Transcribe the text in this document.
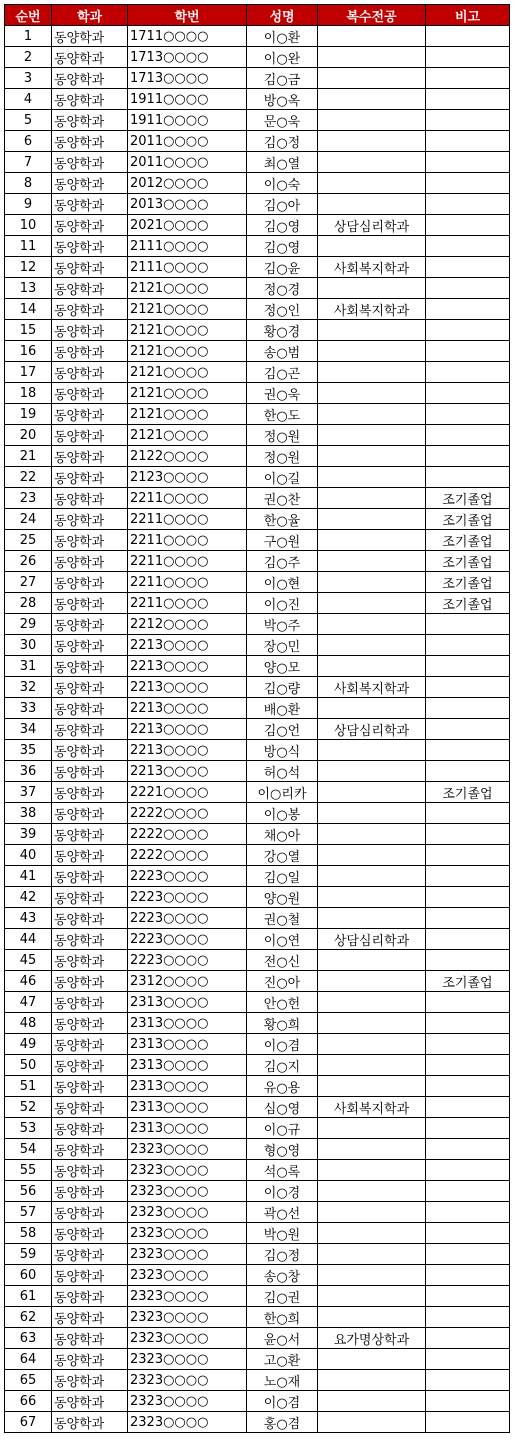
순번	학과	학번	성명	복수전공	비고
1	동양학과	1711○○○○	이○환		
2	동양학과	1713○○○○	이○완		
3	동양학과	1713○○○○	김○금		
4	동양학과	1911○○○○	방○옥		
5	동양학과	1911○○○○	문○욱		
6	동양학과	2011○○○○	김○정		
7	동양학과	2011○○○○	최○열		
8	동양학과	2012○○○○	이○숙		
9	동양학과	2013○○○○	김○아		
10	동양학과	2021○○○○	김○영	상담심리학과	
11	동양학과	2111○○○○	김○영		
12	동양학과	2111○○○○	김○윤	사회복지학과	
13	동양학과	2121○○○○	정○경		
14	동양학과	2121○○○○	정○인	사회복지학과	
15	동양학과	2121○○○○	황○경		
16	동양학과	2121○○○○	송○범		
17	동양학과	2121○○○○	김○곤		
18	동양학과	2121○○○○	권○욱		
19	동양학과	2121○○○○	한○도		
20	동양학과	2121○○○○	정○원		
21	동양학과	2122○○○○	정○원		
22	동양학과	2123○○○○	이○길		
23	동양학과	2211○○○○	권○찬		조기졸업
24	동양학과	2211○○○○	한○율		조기졸업
25	동양학과	2211○○○○	구○원		조기졸업
26	동양학과	2211○○○○	김○주		조기졸업
27	동양학과	2211○○○○	이○현		조기졸업
28	동양학과	2211○○○○	이○진		조기졸업
29	동양학과	2212○○○○	박○주		
30	동양학과	2213○○○○	장○민		
31	동양학과	2213○○○○	양○모		
32	동양학과	2213○○○○	김○량	사회복지학과	
33	동양학과	2213○○○○	배○환		
34	동양학과	2213○○○○	김○언	상담심리학과	
35	동양학과	2213○○○○	방○식		
36	동양학과	2213○○○○	허○석		
37	동양학과	2221○○○○	이○리카		조기졸업
38	동양학과	2222○○○○	이○봉		
39	동양학과	2222○○○○	채○아		
40	동양학과	2222○○○○	강○열		
41	동양학과	2223○○○○	김○일		
42	동양학과	2223○○○○	양○원		
43	동양학과	2223○○○○	권○철		
44	동양학과	2223○○○○	이○연	상담심리학과	
45	동양학과	2223○○○○	전○신		
46	동양학과	2312○○○○	진○아		조기졸업
47	동양학과	2313○○○○	안○헌		
48	동양학과	2313○○○○	황○희		
49	동양학과	2313○○○○	이○겸		
50	동양학과	2313○○○○	김○지		
51	동양학과	2313○○○○	유○용		
52	동양학과	2313○○○○	심○영	사회복지학과	
53	동양학과	2313○○○○	이○규		
54	동양학과	2323○○○○	형○영		
55	동양학과	2323○○○○	석○록		
56	동양학과	2323○○○○	이○경		
57	동양학과	2323○○○○	곽○선		
58	동양학과	2323○○○○	박○원		
59	동양학과	2323○○○○	김○정		
60	동양학과	2323○○○○	송○창		
61	동양학과	2323○○○○	김○권		
62	동양학과	2323○○○○	한○희		
63	동양학과	2323○○○○	윤○서	요가명상학과	
64	동양학과	2323○○○○	고○환		
65	동양학과	2323○○○○	노○재		
66	동양학과	2323○○○○	이○겸		
67	동양학과	2323○○○○	홍○겸		
